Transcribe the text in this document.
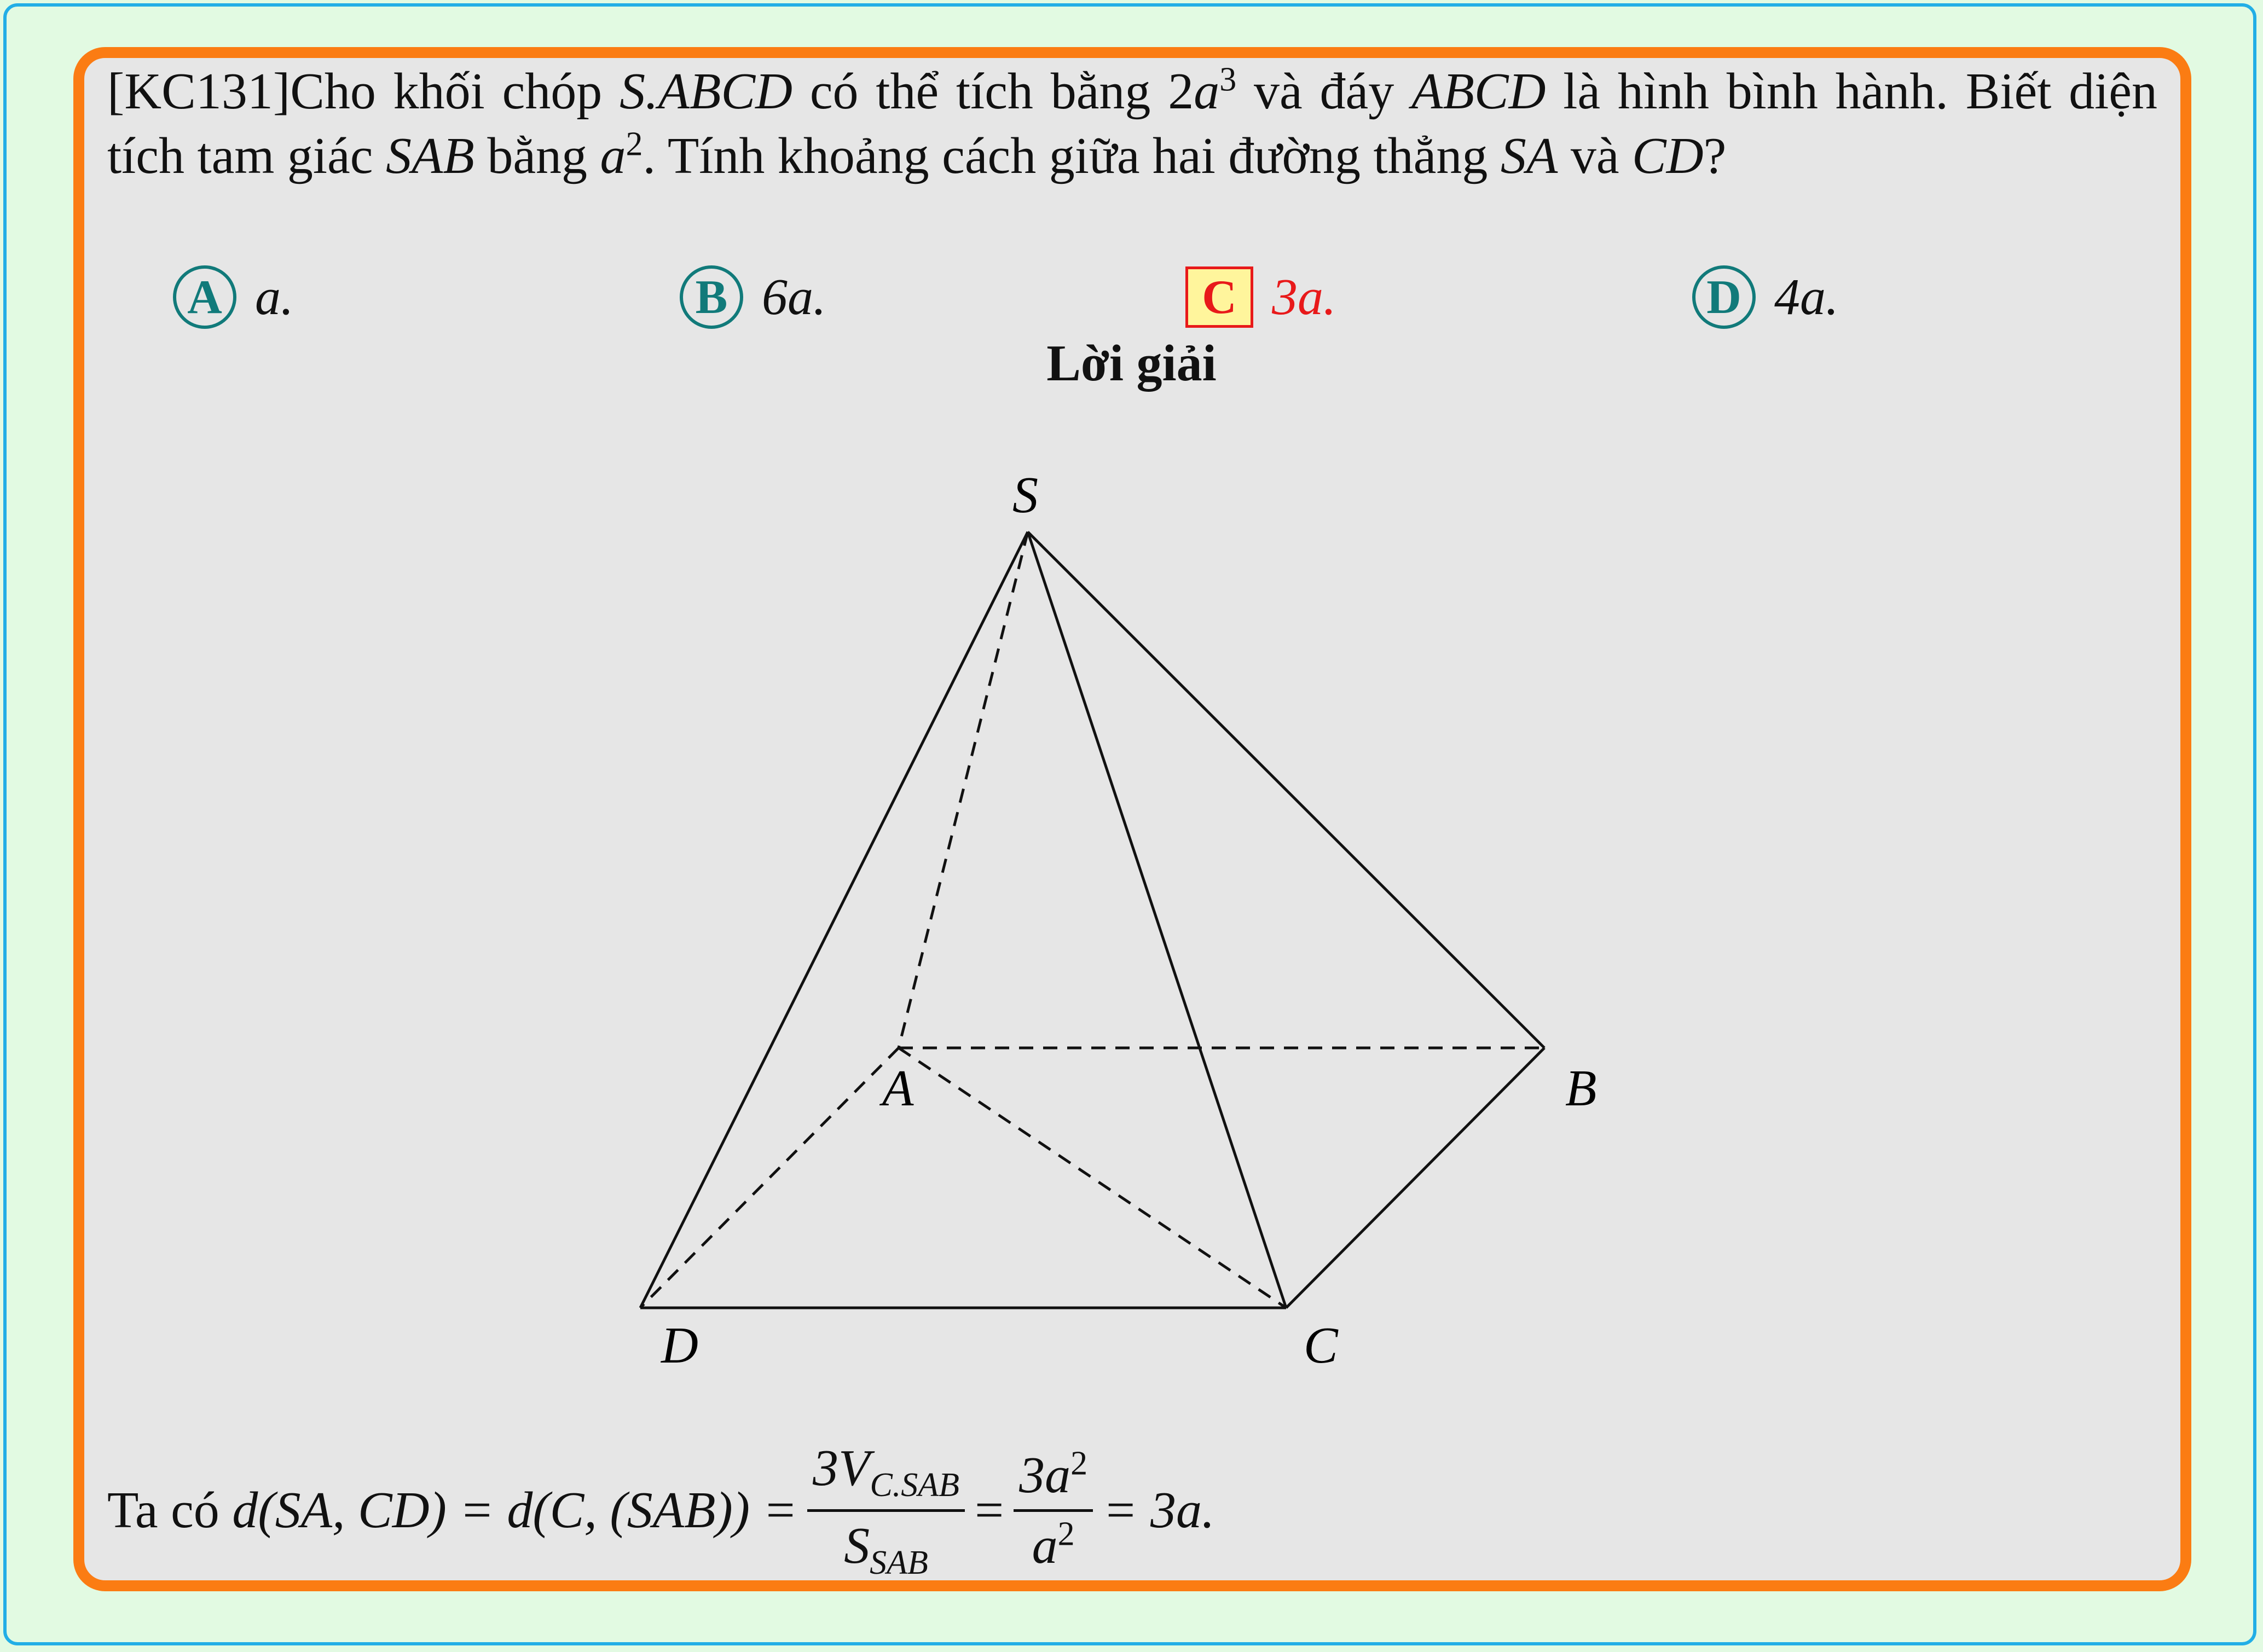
[KC131]Cho khối chóp S.ABCD có thể tích bằng $2a^3$ và đáy ABCD là hình bình hành. Biết diện tích tam giác SAB bằng $a^2$. Tính khoảng cách giữa hai đường thẳng SA và CD?
A a.	B 6a.	C 3a.	D 4a.
Lời giải
S
A	B
C
D
Ta có
d(SA, CD) = d(C, $(SAB)) = \frac{3V_{C.SAB}}{S_{SAB}} = \frac{3a^2}{a^2} = 3a$.
